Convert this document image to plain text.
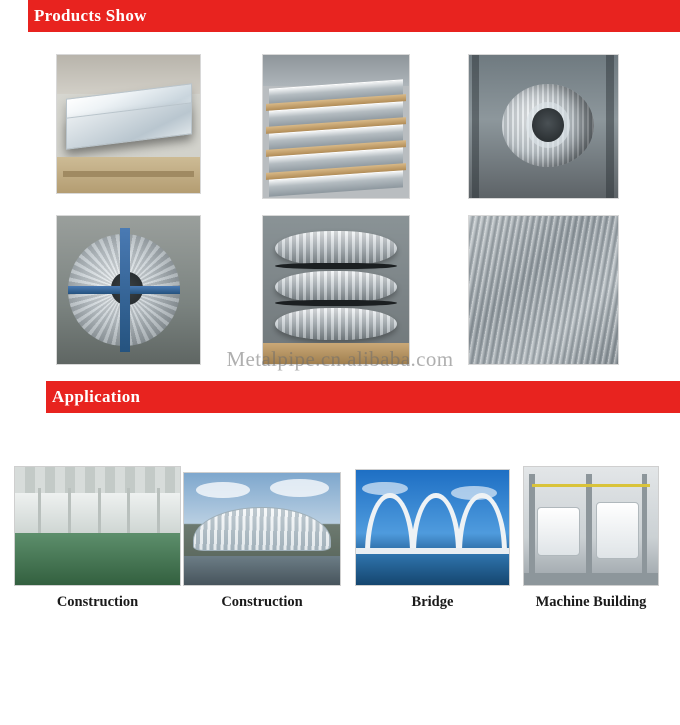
Products Show
Metalpipe.cn.alibaba.com
Application
Construction	Construction	Bridge	Machine Building
